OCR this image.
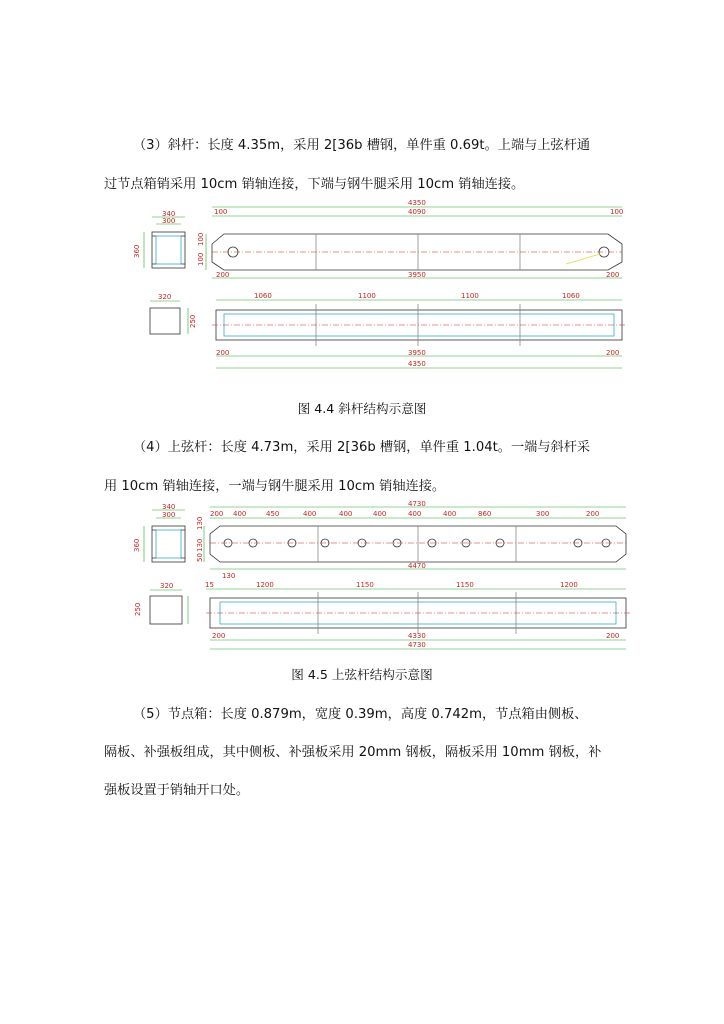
（3）斜杆：长度 4.35m，采用 2[36b 槽钢，单件重 0.69t。上端与上弦杆通
过节点箱销采用 10cm 销轴连接，下端与钢牛腿采用 10cm 销轴连接。
340
300
360
4350
100	4090	100
100
100
200	3950	200
320
250
1060	1100	1100	1060
200	3950	200
4350
340
300
360
4730
200 400	450	400	400	400	400	400	860	300	200
130
130
50
130
4470
320
250
15	1200	1150	1150	1200
200	4330	200
4730
图 4.4 斜杆结构示意图
（4）上弦杆：长度 4.73m，采用 2[36b 槽钢，单件重 1.04t。一端与斜杆采
用 10cm 销轴连接，一端与钢牛腿采用 10cm 销轴连接。
图 4.5 上弦杆结构示意图
（5）节点箱：长度 0.879m，宽度 0.39m，高度 0.742m，节点箱由侧板、
隔板、补强板组成，其中侧板、补强板采用 20mm 钢板，隔板采用 10mm 钢板，补
强板设置于销轴开口处。
